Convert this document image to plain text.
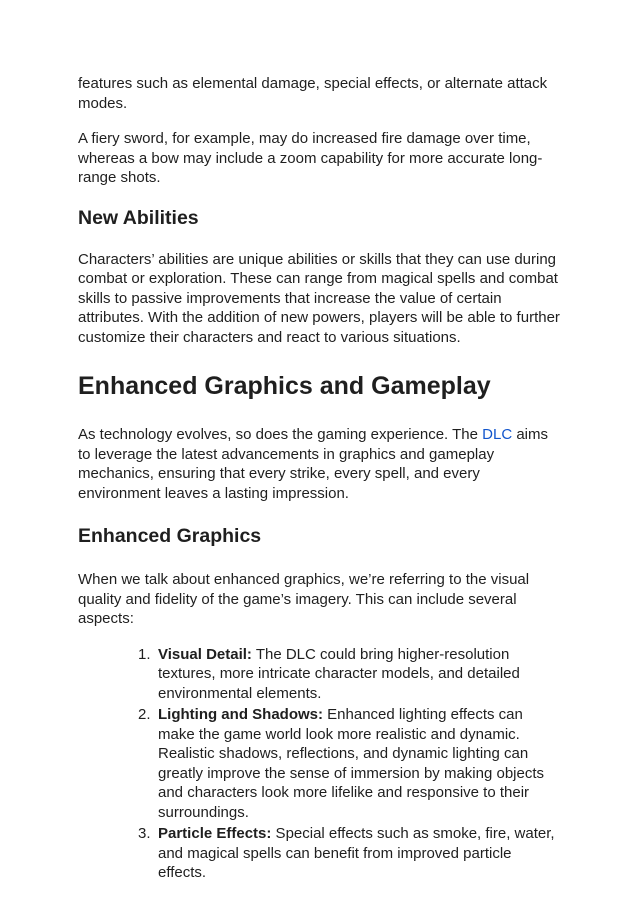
features such as elemental damage, special effects, or alternate attack modes.

A fiery sword, for example, may do increased fire damage over time, whereas a bow may include a zoom capability for more accurate long-range shots.

New Abilities

Characters’ abilities are unique abilities or skills that they can use during combat or exploration. These can range from magical spells and combat skills to passive improvements that increase the value of certain attributes. With the addition of new powers, players will be able to further customize their characters and react to various situations.

Enhanced Graphics and Gameplay

As technology evolves, so does the gaming experience. The DLC aims to leverage the latest advancements in graphics and gameplay mechanics, ensuring that every strike, every spell, and every environment leaves a lasting impression.

Enhanced Graphics

When we talk about enhanced graphics, we’re referring to the visual quality and fidelity of the game’s imagery. This can include several aspects:

1. Visual Detail: The DLC could bring higher-resolution textures, more intricate character models, and detailed environmental elements.
2. Lighting and Shadows: Enhanced lighting effects can make the game world look more realistic and dynamic. Realistic shadows, reflections, and dynamic lighting can greatly improve the sense of immersion by making objects and characters look more lifelike and responsive to their surroundings.
3. Particle Effects: Special effects such as smoke, fire, water, and magical spells can benefit from improved particle effects.
